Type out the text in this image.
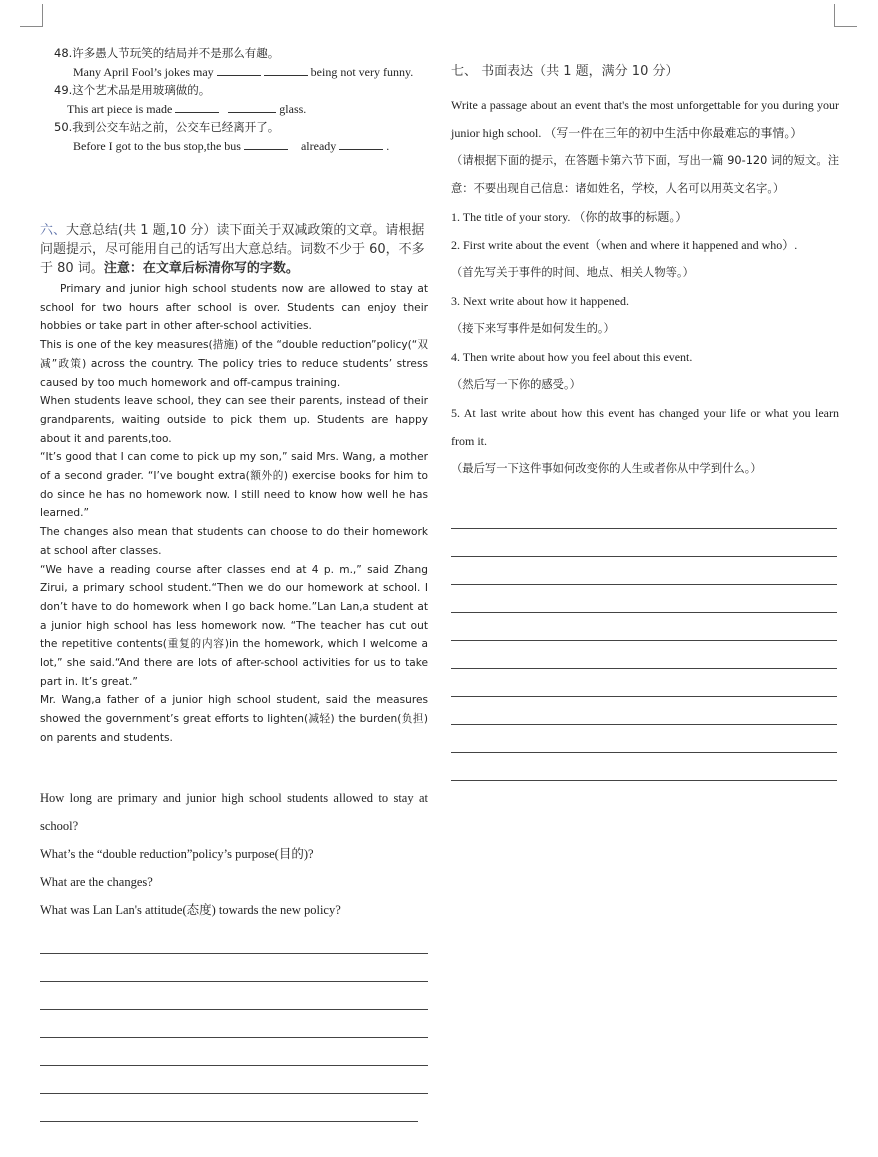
48.许多愚人节玩笑的结局并不是那么有趣。
Many April Fool’s jokes may	being not very funny.
49.这个艺术品是用玻璃做的。
This art piece is made	glass.
50.我到公交车站之前，公交车已经离开了。
Before I got to the bus stop,the bus	already	.
六、大意总结(共 1 题,10 分）读下面关于双减政策的文章。请根据问题提示，尽可能用自己的话写出大意总结。词数不少于 60，不多于 80 词。注意：在文章后标清你写的字数。

Primary and junior high school students now are allowed to stay at school for two hours after school is over. Students can enjoy their hobbies or take part in other after-school activities.

This is one of the key measures(措施) of the “double reduction”policy(“双减”政策) across the country. The policy tries to reduce students’ stress caused by too much homework and off-campus training.

When students leave school, they can see their parents, instead of their grandparents, waiting outside to pick them up. Students are happy about it and parents,too.

“It’s good that I can come to pick up my son,” said Mrs. Wang, a mother of a second grader. “I’ve bought extra(额外的) exercise books for him to do since he has no homework now. I still need to know how well he has learned.”

The changes also mean that students can choose to do their homework at school after classes.

“We have a reading course after classes end at 4 p. m.,” said Zhang Zirui, a primary school student.“Then we do our homework at school. I don’t have to do homework when I go back home.”Lan Lan,a student at a junior high school has less homework now. “The teacher has cut out the repetitive contents(重复的内容)in the homework, which I welcome a lot,” she said.“And there are lots of after-school activities for us to take part in. It’s great.”

Mr. Wang,a father of a junior high school student, said the measures showed the government’s great efforts to lighten(减轻) the burden(负担) on parents and students.

How long are primary and junior high school students allowed to stay at school?

What’s the “double reduction”policy’s purpose(目的)?

What are the changes?

What was Lan Lan's attitude(态度) towards the new policy?

七、 书面表达（共 1 题，满分 10 分）

Write a passage about an event that's the most unforgettable for you during your junior high school. （写一件在三年的初中生活中你最难忘的事情。）

（请根据下面的提示，在答题卡第六节下面，写出一篇 90-120 词的短文。注意：不要出现自己信息：诸如姓名，学校，人名可以用英文名字。）

1. The title of your story. （你的故事的标题。）

2. First write about the event（when and where it happened and who）.

（首先写关于事件的时间、地点、相关人物等。）

3. Next write about how it happened.

（接下来写事件是如何发生的。）

4. Then write about how you feel about this event.

（然后写一下你的感受。）

5. At last write about how this event has changed your life or what you learn from it.

（最后写一下这件事如何改变你的人生或者你从中学到什么。）
